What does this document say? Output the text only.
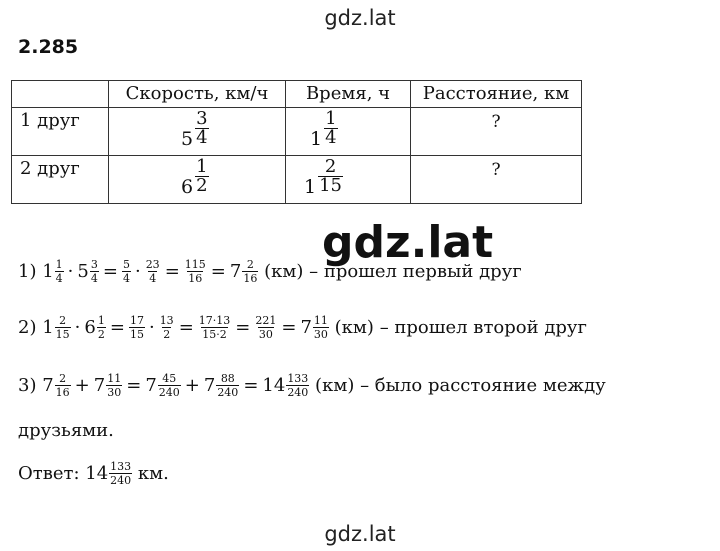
gdz.lat
2.285
	Скорость, км/ч	Время, ч	Расстояние, км
1 друг	$5 \frac{3}{4}$	$1 \frac{1}{4}$	?

2 друг	$6 \frac{1}{2}$	$1 \frac{2}{15}$	?
gdz.lat
1)
$1 \frac{1}{4} \cdot 5 \frac{3}{4} = \frac{5}{4} \cdot \frac{23}{4} = \frac{115}{16} = 7 \frac{2}{16}$
(км)
– прошел первый друг
2)
$1 \frac{2}{15} \cdot 6 \frac{1}{2} = \frac{17}{15} \cdot \frac{13}{2} = \frac{17\cdot 13}{15\cdot 2} = \frac{221}{30} = 7 \frac{11}{30}$
(км)
– прошел второй друг
3)
$7 \frac{2}{16} + 7 \frac{11}{30} = 7 \frac{45}{240} + 7 \frac{88}{240} = 14 \frac{133}{240}$
(км)
– было расстояние между
друзьями.
Ответ:
$14 \frac{133}{240}$
км.
gdz.lat
